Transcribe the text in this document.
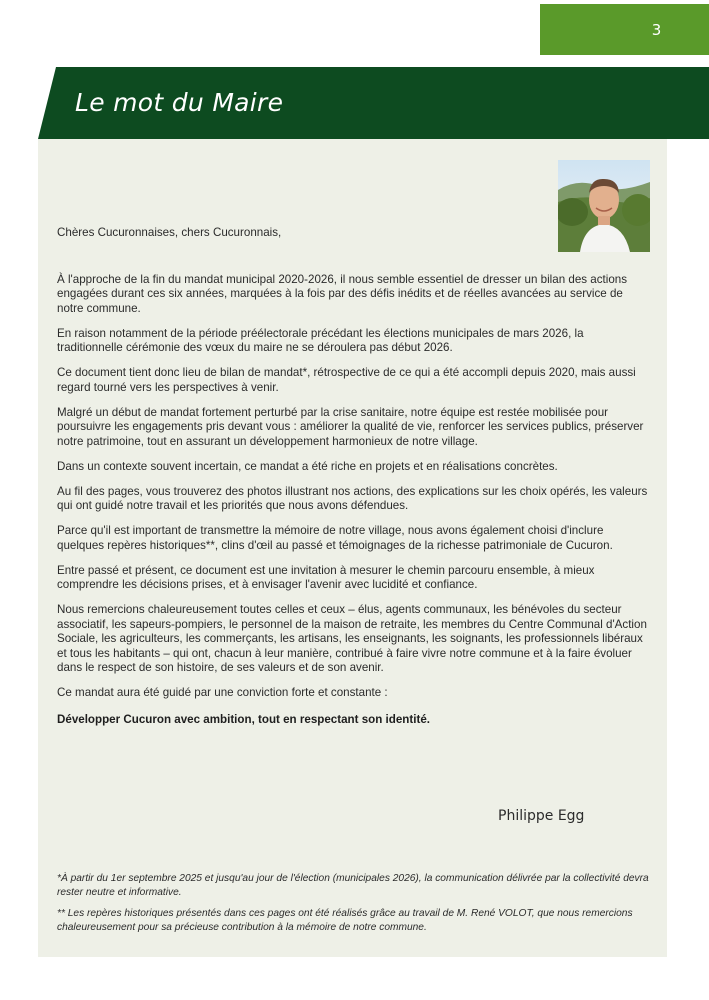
3
Le mot du Maire

Chères Cucuronnaises, chers Cucuronnais,

À l'approche de la fin du mandat municipal 2020-2026, il nous semble essentiel de dresser un bilan des actions engagées durant ces six années, marquées à la fois par des défis inédits et de réelles avancées au service de notre commune.

En raison notamment de la période préélectorale précédant les élections municipales de mars 2026, la traditionnelle cérémonie des vœux du maire ne se déroulera pas début 2026.

Ce document tient donc lieu de bilan de mandat*, rétrospective de ce qui a été accompli depuis 2020, mais aussi regard tourné vers les perspectives à venir.

Malgré un début de mandat fortement perturbé par la crise sanitaire, notre équipe est restée mobilisée pour poursuivre les engagements pris devant vous : améliorer la qualité de vie, renforcer les services publics, préserver notre patrimoine, tout en assurant un développement harmonieux de notre village.

Dans un contexte souvent incertain, ce mandat a été riche en projets et en réalisations concrètes.

Au fil des pages, vous trouverez des photos illustrant nos actions, des explications sur les choix opérés, les valeurs qui ont guidé notre travail et les priorités que nous avons défendues.

Parce qu'il est important de transmettre la mémoire de notre village, nous avons également choisi d'inclure quelques repères historiques**, clins d'œil au passé et témoignages de la richesse patrimoniale de Cucuron.

Entre passé et présent, ce document est une invitation à mesurer le chemin parcouru ensemble, à mieux comprendre les décisions prises, et à envisager l'avenir avec lucidité et confiance.

Nous remercions chaleureusement toutes celles et ceux – élus, agents communaux, les bénévoles du secteur associatif, les sapeurs-pompiers, le personnel de la maison de retraite, les membres du Centre Communal d'Action Sociale, les agriculteurs, les commerçants, les artisans, les enseignants, les soignants, les professionnels libéraux et tous les habitants – qui ont, chacun à leur manière, contribué à faire vivre notre commune et à la faire évoluer dans le respect de son histoire, de ses valeurs et de son avenir.

Ce mandat aura été guidé par une conviction forte et constante :

Développer Cucuron avec ambition, tout en respectant son identité.

Philippe Egg

*À partir du 1er septembre 2025 et jusqu'au jour de l'élection (municipales 2026), la communication délivrée par la collectivité devra rester neutre et informative.

** Les repères historiques présentés dans ces pages ont été réalisés grâce au travail de M. René VOLOT, que nous remercions chaleureusement pour sa précieuse contribution à la mémoire de notre commune.
